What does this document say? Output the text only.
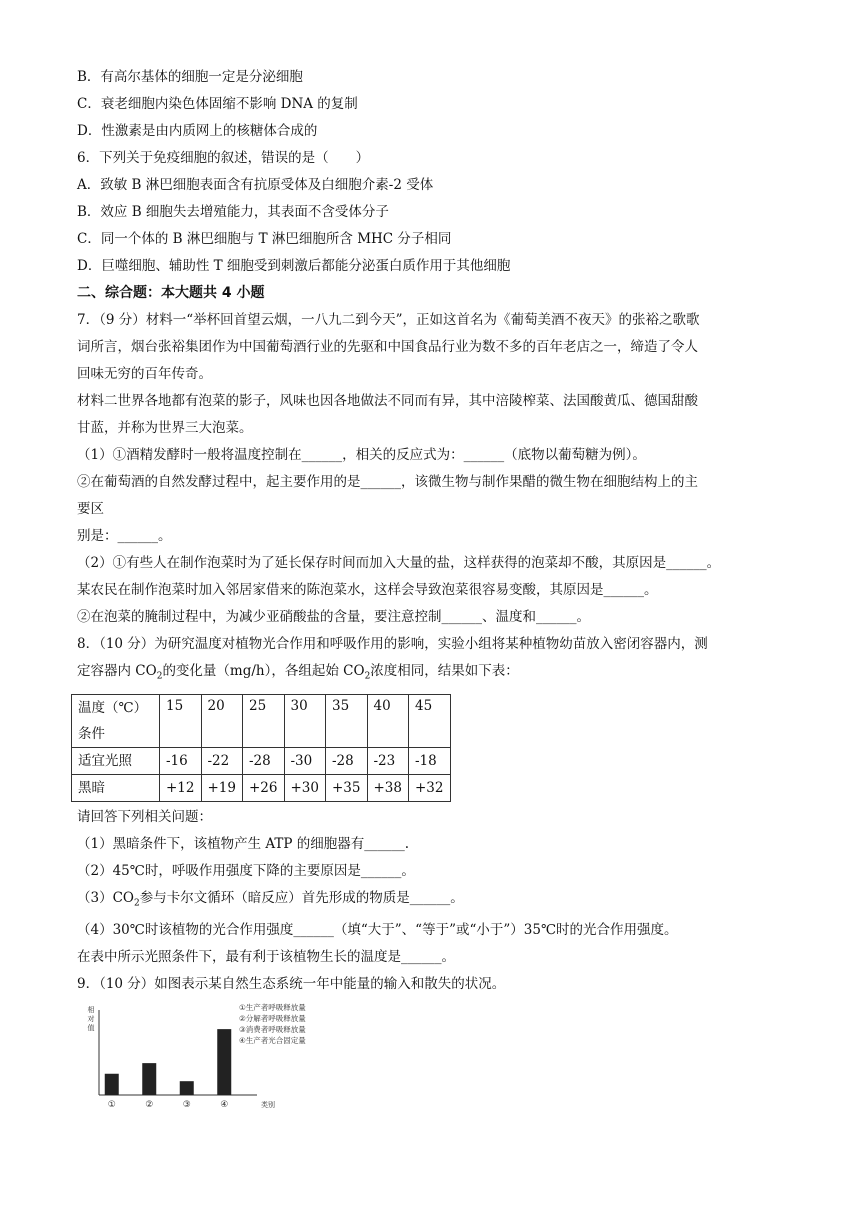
B．有高尔基体的细胞一定是分泌细胞
C．衰老细胞内染色体固缩不影响 DNA 的复制
D．性激素是由内质网上的核糖体合成的
6．下列关于免疫细胞的叙述，错误的是（　　）
A．致敏 B 淋巴细胞表面含有抗原受体及白细胞介素-2 受体
B．效应 B 细胞失去增殖能力，其表面不含受体分子
C．同一个体的 B 淋巴细胞与 T 淋巴细胞所含 MHC 分子相同
D．巨噬细胞、辅助性 T 细胞受到刺激后都能分泌蛋白质作用于其他细胞
二、综合题：本大题共 4 小题
7．（9 分）材料一“举杯回首望云烟，一八九二到今天”，正如这首名为《葡萄美酒不夜天》的张裕之歌歌
词所言，烟台张裕集团作为中国葡萄酒行业的先驱和中国食品行业为数不多的百年老店之一，缔造了令人
回味无穷的百年传奇。
材料二世界各地都有泡菜的影子，风味也因各地做法不同而有异，其中涪陵榨菜、法国酸黄瓜、德国甜酸
甘蓝，并称为世界三大泡菜。
（1）①酒精发酵时一般将温度控制在______，相关的反应式为：______（底物以葡萄糖为例）。
②在葡萄酒的自然发酵过程中，起主要作用的是______，该微生物与制作果醋的微生物在细胞结构上的主
要区
别是：______。
（2）①有些人在制作泡菜时为了延长保存时间而加入大量的盐，这样获得的泡菜却不酸，其原因是______。
某农民在制作泡菜时加入邻居家借来的陈泡菜水，这样会导致泡菜很容易变酸，其原因是______。
②在泡菜的腌制过程中，为减少亚硝酸盐的含量，要注意控制______、温度和______。
8．（10 分）为研究温度对植物光合作用和呼吸作用的影响，实验小组将某种植物幼苗放入密闭容器内，测
定容器内 $CO_2$的变化量（mg/h），各组起始 $CO_2$浓度相同，结果如下表：
温度（℃）
条件	15	20	25	30	35	40	45
适宜光照	-16	-22	-28	-30	-28	-23	-18
黑暗	+12	+19	+26	+30	+35	+38	+32
请回答下列相关问题：
（1）黑暗条件下，该植物产生 ATP 的细胞器有______.
（2）45℃时，呼吸作用强度下降的主要原因是______。
$(3)CO_2$参与卡尔文循环（暗反应）首先形成的物质是______。
（4）30℃时该植物的光合作用强度______（填“大于”、“等于”或“小于”）35℃时的光合作用强度。
在表中所示光照条件下，最有利于该植物生长的温度是______。
9．（10 分）如图表示某自然生态系统一年中能量的输入和散失的状况。
相
对
值
①	②	③	④	类别
①生产者呼吸释放量
②分解者呼吸释放量
③消费者呼吸释放量
④生产者光合固定量
